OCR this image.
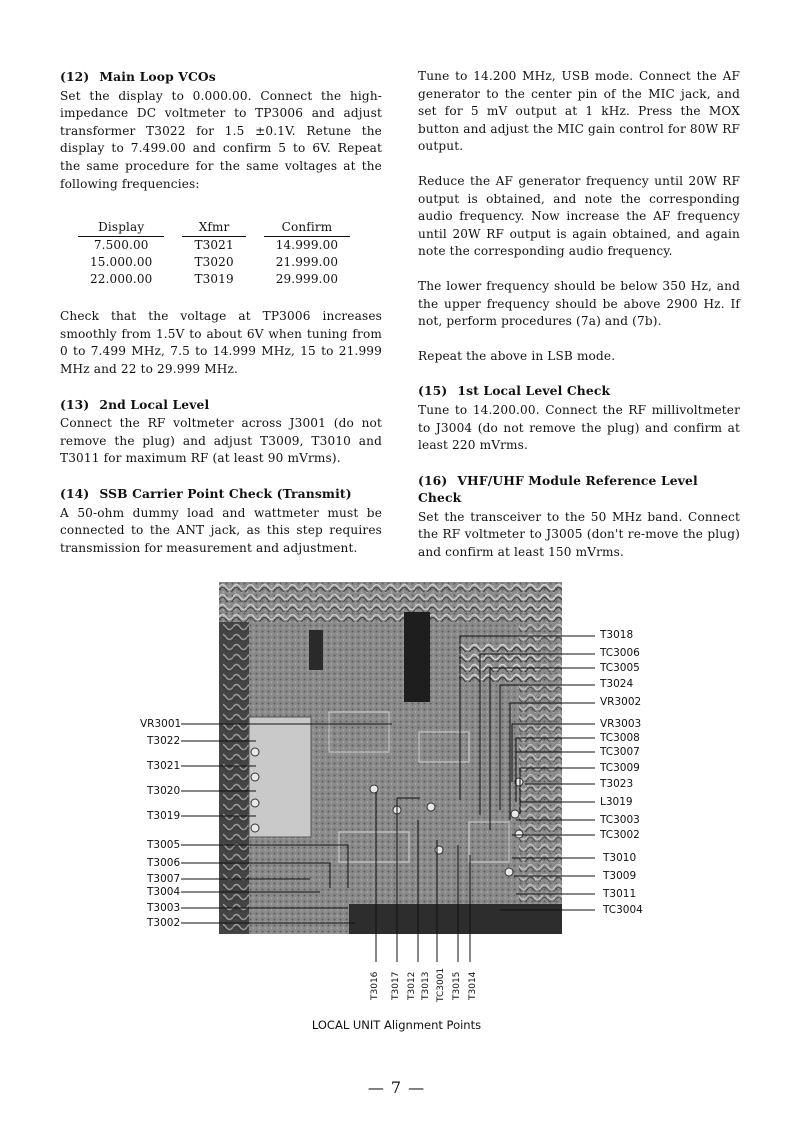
(12) Main Loop VCOs
Set the display to 0.000.00. Connect the high-impedance DC voltmeter to TP3006 and adjust transformer T3022 for 1.5 ±0.1V. Retune the display to 7.499.00 and confirm 5 to 6V. Repeat the same procedure for the same voltages at the following frequencies:
Display		Xfmr		Confirm
7.500.00		T3021		14.999.00
15.000.00		T3020		21.999.00
22.000.00		T3019		29.999.00
Check that the voltage at TP3006 increases smoothly from 1.5V to about 6V when tuning from 0 to 7.499 MHz, 7.5 to 14.999 MHz, 15 to 21.999 MHz and 22 to 29.999 MHz.
(13) 2nd Local Level
Connect the RF voltmeter across J3001 (do not remove the plug) and adjust T3009, T3010 and T3011 for maximum RF (at least 90 mVrms).
(14) SSB Carrier Point Check (Transmit)
A 50-ohm dummy load and wattmeter must be connected to the ANT jack, as this step requires transmission for measurement and adjustment.
Tune to 14.200 MHz, USB mode. Connect the AF generator to the center pin of the MIC jack, and set for 5 mV output at 1 kHz. Press the MOX button and adjust the MIC gain control for 80W RF output.
Reduce the AF generator frequency until 20W RF output is obtained, and note the corresponding audio frequency. Now increase the AF frequency until 20W RF output is again obtained, and again note the corresponding audio frequency.
The lower frequency should be below 350 Hz, and the upper frequency should be above 2900 Hz. If not, perform procedures (7a) and (7b).
Repeat the above in LSB mode.
(15) 1st Local Level Check
Tune to 14.200.00. Connect the RF millivoltmeter to J3004 (do not remove the plug) and confirm at least 220 mVrms.
(16) VHF/UHF Module Reference Level Check
Set the transceiver to the 50 MHz band. Connect the RF voltmeter to J3005 (don't re-move the plug) and confirm at least 150 mVrms.
VR3001
T3022
T3021
T3020
T3019
T3005
T3006
T3007
T3004
T3003
T3002
T3018
TC3006
TC3005
T3024
VR3002
VR3003
TC3008
TC3007
TC3009
T3023
L3019
TC3003
TC3002
T3010
T3009
T3011
TC3004
T3016 T3017 T3012 T3013 TC3001 T3015 T3014
LOCAL UNIT Alignment Points
— 7 —
